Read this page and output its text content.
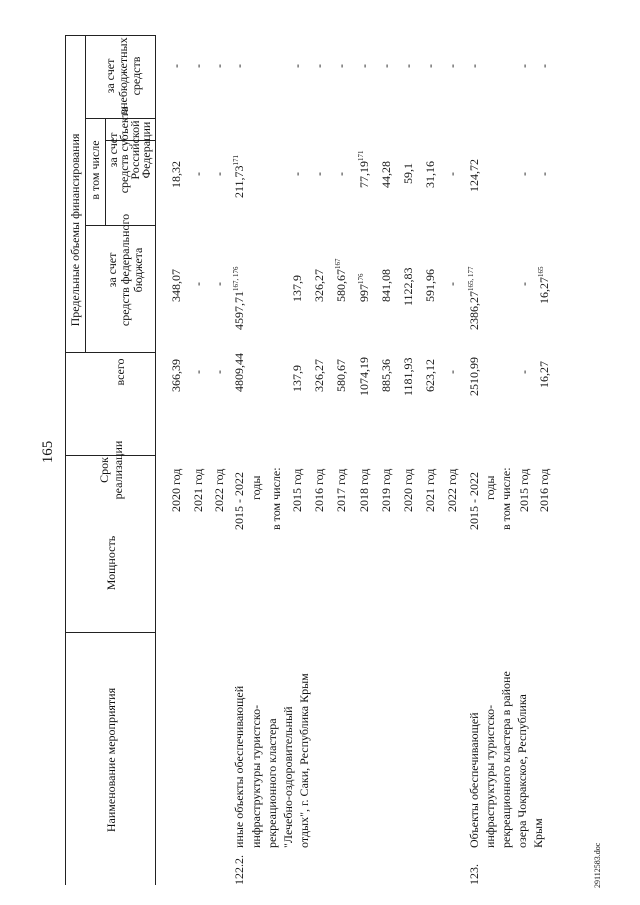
165
Наименование мероприятия
Мощность
Срок реализации
Предельные объемы финансирования
всего
в том числе
за счет средств федерального бюджета
за счет
средств субъекта
Российской
Федерации
за счет внебюджетных средств
2020 год
366,39
348,07
18,32
-
2021 год
-
-
-
-
2022 год
-
-
-
-
122.2.
иные объекты обеспечивающей инфраструктуры туристско- рекреационного кластера "Лечебно-оздоровительный отдых", г. Саки, Республика Крым
2015 - 2022 годы
4809,44
4597,71$^{167, 176}$
211,73$^{171}$
-
в том числе: 2015 год
137,9
137,9
-
-
2016 год
326,27
326,27
-
-
2017 год
580,67
580,67$^{167}$
-
-
2018 год
1074,19
$997^{176}$
77,19$^{171}$
-
2019 год
885,36
841,08
44,28
-
2020 год
1181,93
1122,83
59,1
-
2021 год
623,12
591,96
31,16
-
2022 год
-
-
-
-
123.
Объекты обеспечивающей инфраструктуры туристско- рекреационного кластера в районе озера Чокракское, Республика Крым
2015 - 2022 годы
2510,99
2386,27$^{165, 177}$
124,72
-
в том числе: 2015 год
-
-
-
-
2016 год
16,27
16,27$^{165}$
-
-
29112583.doc
